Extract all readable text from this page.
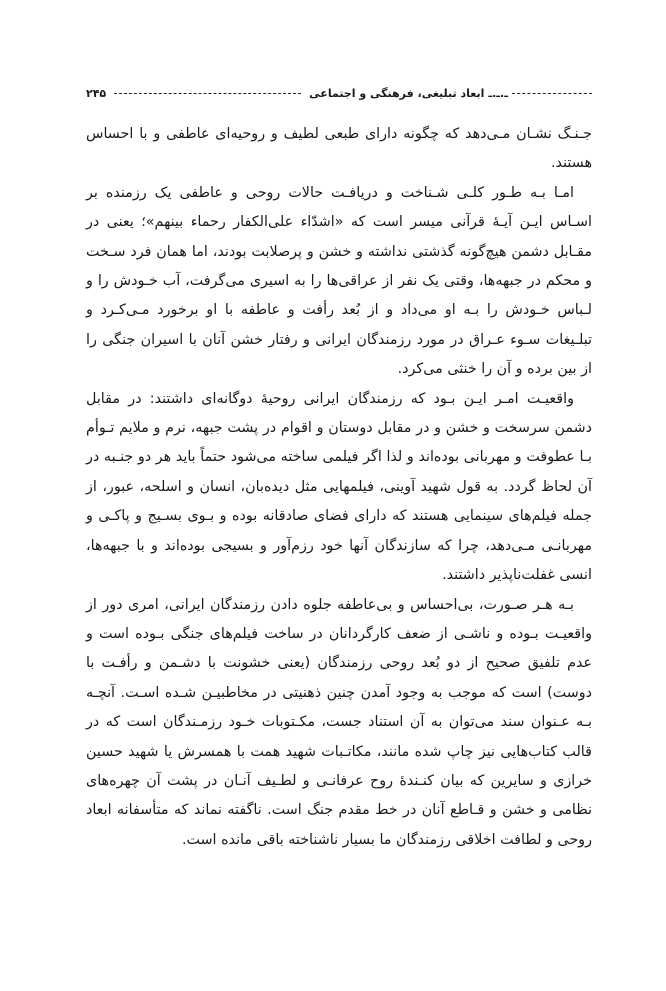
ـ.ـ.ـ
ابعاد تبلیغی، فرهنگی و اجتماعی
۲۴۵

جـنـگ نشـان مـی‌دهد که چگونه دارای طبعی لطیف و روحیه‌ای عاطفی و با احساس هستند.

امـا بـه طـور کلـی شـناخت و دریافـت حالات روحی و عاطفی یک رزمنده بر اسـاس ایـن آیـهٔ قرآنی میسر است که «اشدّاء علی‌الکفار رحماء بینهم»؛ یعنی در مقـابل دشمن هیچ‌گونه گذشتی نداشته و خشن و پرصلابت بودند، اما همان فرد سـخت و محکم در جبهه‌ها، وقتی یک نفر از عراقی‌ها را به اسیری می‌گرفت، آب خـودش را و لـباس خـودش را بـه او می‌داد و از بُعد رأفت و عاطفه با او برخورد مـی‌کـرد و تبلـیغات سـوء عـراق در مورد رزمندگان ایرانی و رفتار خشن آنان با اسیران جنگی را از بین برده و آن را خنثی می‌کرد.

واقعیـت امـر ایـن بـود که رزمندگان ایرانی روحیهٔ دوگانه‌ای داشتند: در مقابل دشمن سرسخت و خشن و در مقابل دوستان و اقوام در پشت جبهه، نرم و ملایم تـوأم بـا عطوفت و مهربانی بوده‌اند و لذا اگر فیلمی ساخته می‌شود حتماً باید هر دو جنـبه در آن لحاظ گردد. به قول شهید آوینی، فیلمهایی مثل دیده‌بان، انسان و اسلحه، عبور، از جمله فیلم‌های سینمایی هستند که دارای فضای صادقانه بوده و بـوی بسـیج و پاکـی و مهربانـی مـی‌دهد، چرا که سازندگان آنها خود رزم‌آور و بسیجی بوده‌اند و با جبهه‌ها، انسی غفلت‌ناپذیر داشتند.

بـه هـر صـورت، بی‌احساس و بی‌عاطفه جلوه دادن رزمندگان ایرانی، امری دور از واقعیـت بـوده و ناشـی از ضعف کارگردانان در ساخت فیلم‌های جنگی بـوده است و عدم تلفیق صحیح از دو بُعد روحی رزمندگان (یعنی خشونت با دشـمن و رأفـت با دوست) است که موجب به وجود آمدن چنین ذهنیتی در مخاطبیـن شـده اسـت. آنچـه بـه عـنوان سند می‌توان به آن استناد جست، مکـتوبات خـود رزمـندگان است که در قالب کتاب‌هایی نیز چاپ شده مانند، مکاتـبات شهید همت با همسرش یا شهید حسین خرازی و سایرین که بیان کنـندهٔ روح عرفانـی و لطـیف آنـان در پشت آن چهره‌های نظامی و خشن و قـاطع آنان در خط مقدم جنگ است. ناگفته نماند که متأسفانه ابعاد روحی و لطافت اخلاقی رزمندگان ما بسیار ناشناخته باقی مانده است.
